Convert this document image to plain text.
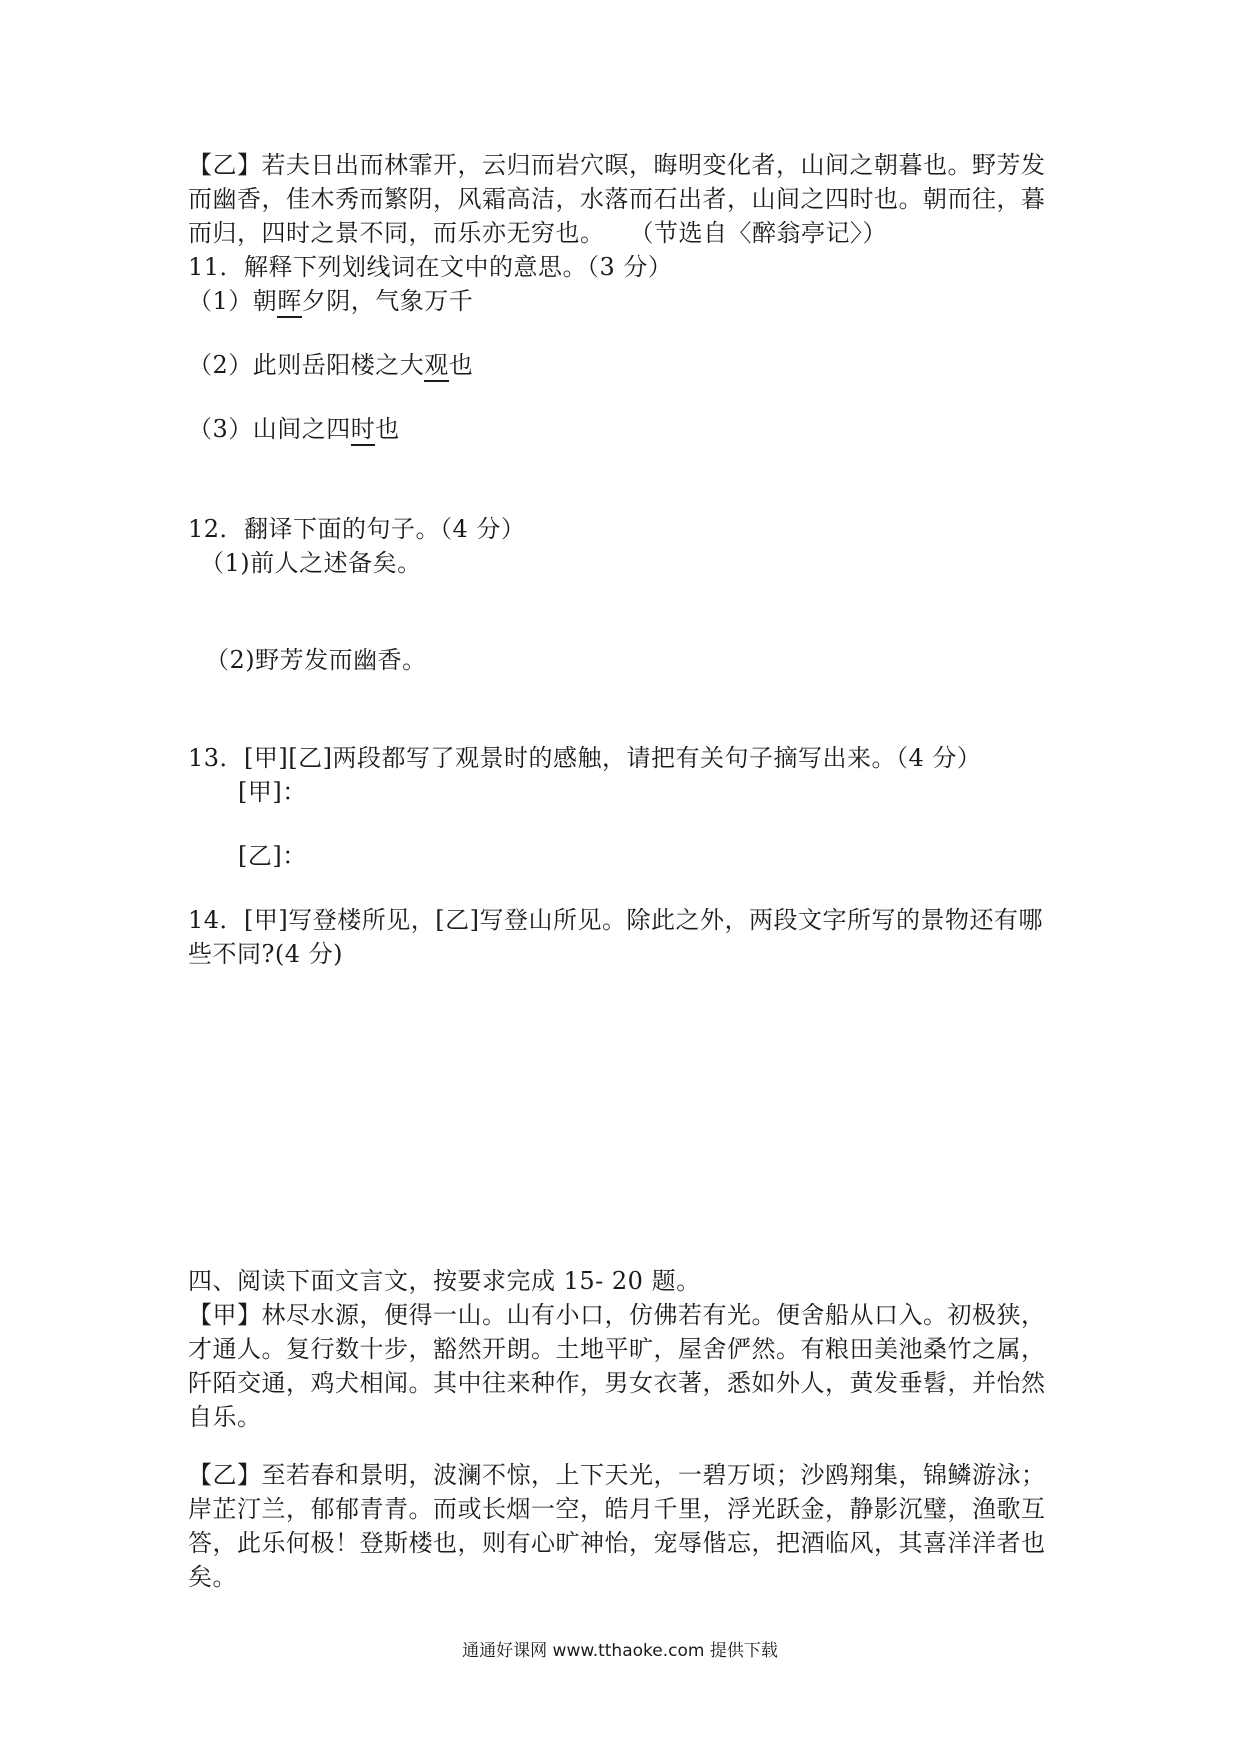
【乙】若夫日出而林霏开，云归而岩穴暝，晦明变化者，山间之朝暮也。野芳发
而幽香，佳木秀而繁阴，风霜高洁，水落而石出者，山间之四时也。朝而往，暮
而归，四时之景不同，而乐亦无穷也。　　（节选自〈醉翁亭记〉）
11．解释下列划线词在文中的意思。（3 分）
（1）朝晖夕阴，气象万千
（2）此则岳阳楼之大观也
（3）山间之四时也
12．翻译下面的句子。（4 分）
（1)前人之述备矣。
（2)野芳发而幽香。
13．[甲][乙]两段都写了观景时的感触，请把有关句子摘写出来。（4 分）
[甲]：
[乙]：
14．[甲]写登楼所见，[乙]写登山所见。除此之外，两段文字所写的景物还有哪
些不同?(4 分)
四、阅读下面文言文，按要求完成 15- 20 题。
【甲】林尽水源，便得一山。山有小口，仿佛若有光。便舍船从口入。初极狭，
才通人。复行数十步，豁然开朗。土地平旷，屋舍俨然。有粮田美池桑竹之属，
阡陌交通，鸡犬相闻。其中往来种作，男女衣著，悉如外人，黄发垂髫，并怡然
自乐。
【乙】至若春和景明，波澜不惊，上下天光，一碧万顷；沙鸥翔集，锦鳞游泳；
岸芷汀兰，郁郁青青。而或长烟一空，皓月千里，浮光跃金，静影沉璧，渔歌互
答，此乐何极！登斯楼也，则有心旷神怡，宠辱偕忘，把酒临风，其喜洋洋者也
矣。
通通好课网 www.tthaoke.com 提供下载
